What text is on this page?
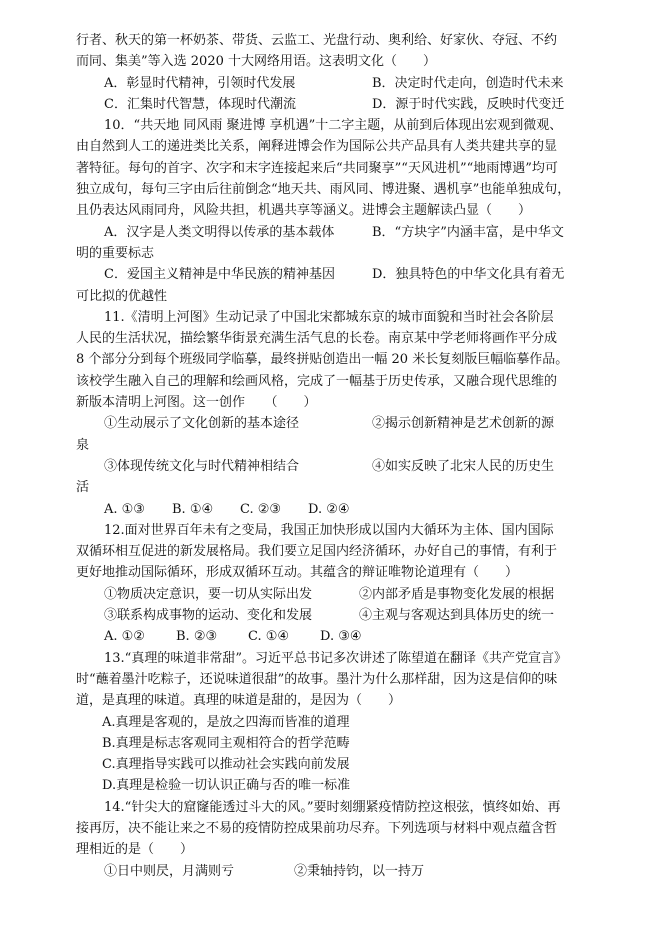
行者、秋天的第一杯奶茶、带货、云监工、光盘行动、奥利给、好家伙、夺冠、不约
而同、集美”等入选 2020 十大网络用语。这表明文化（　　）
A．彰显时代精神，引领时代发展	B．决定时代走向，创造时代未来
C．汇集时代智慧，体现时代潮流	D．源于时代实践，反映时代变迁
10．“共天地 同风雨 聚进博 享机遇”十二字主题，从前到后体现出宏观到微观、
由自然到人工的递进类比关系，阐释进博会作为国际公共产品具有人类共建共享的显
著特征。每句的首字、次字和末字连接起来后“共同聚享”“天风进机”“地雨博遇”均可
独立成句，每句三字由后往前倒念“地天共、雨风同、博进聚、遇机享”也能单独成句，
且仍表达风雨同舟，风险共担，机遇共享等涵义。进博会主题解读凸显（　　）
A．汉字是人类文明得以传承的基本载体	B．“方块字”内涵丰富，是中华文
明的重要标志
C．爱国主义精神是中华民族的精神基因	D．独具特色的中华文化具有着无
可比拟的优越性
11.《清明上河图》生动记录了中国北宋都城东京的城市面貌和当时社会各阶层
人民的生活状况，描绘繁华街景充满生活气息的长卷。南京某中学老师将画作平分成
8 个部分分到每个班级同学临摹，最终拼贴创造出一幅 20 米长复刻版巨幅临摹作品。
该校学生融入自己的理解和绘画风格，完成了一幅基于历史传承，又融合现代思维的
新版本清明上河图。这一创作　　（　　）
①生动展示了文化创新的基本途径	②揭示创新精神是艺术创新的源
泉
③体现传统文化与时代精神相结合	④如实反映了北宋人民的历史生
活
A. ①③	B. ①④	C. ②③	D. ②④
12.面对世界百年未有之变局，我国正加快形成以国内大循环为主体、国内国际
双循环相互促进的新发展格局。我们要立足国内经济循环，办好自己的事情，有利于
更好地推动国际循环，形成双循环互动。其蕴含的辩证唯物论道理有（　　）
①物质决定意识，要一切从实际出发	②内部矛盾是事物变化发展的根据
③联系构成事物的运动、变化和发展	④主观与客观达到具体历史的统一
A. ①②	B. ②③	C. ①④	D. ③④
13.“真理的味道非常甜”。习近平总书记多次讲述了陈望道在翻译《共产党宣言》
时“蘸着墨汁吃粽子，还说味道很甜”的故事。墨汁为什么那样甜，因为这是信仰的味
道，是真理的味道。真理的味道是甜的，是因为（　　）
A.真理是客观的，是放之四海而皆准的道理
B.真理是标志客观同主观相符合的哲学范畴
C.真理指导实践可以推动社会实践向前发展
D.真理是检验一切认识正确与否的唯一标准
14.“针尖大的窟窿能透过斗大的风。”要时刻绷紧疫情防控这根弦，慎终如始、再
接再厉，决不能让来之不易的疫情防控成果前功尽弃。下列选项与材料中观点蕴含哲
理相近的是（　　）
①日中则昃，月满则亏	②秉轴持钧，以一持万
